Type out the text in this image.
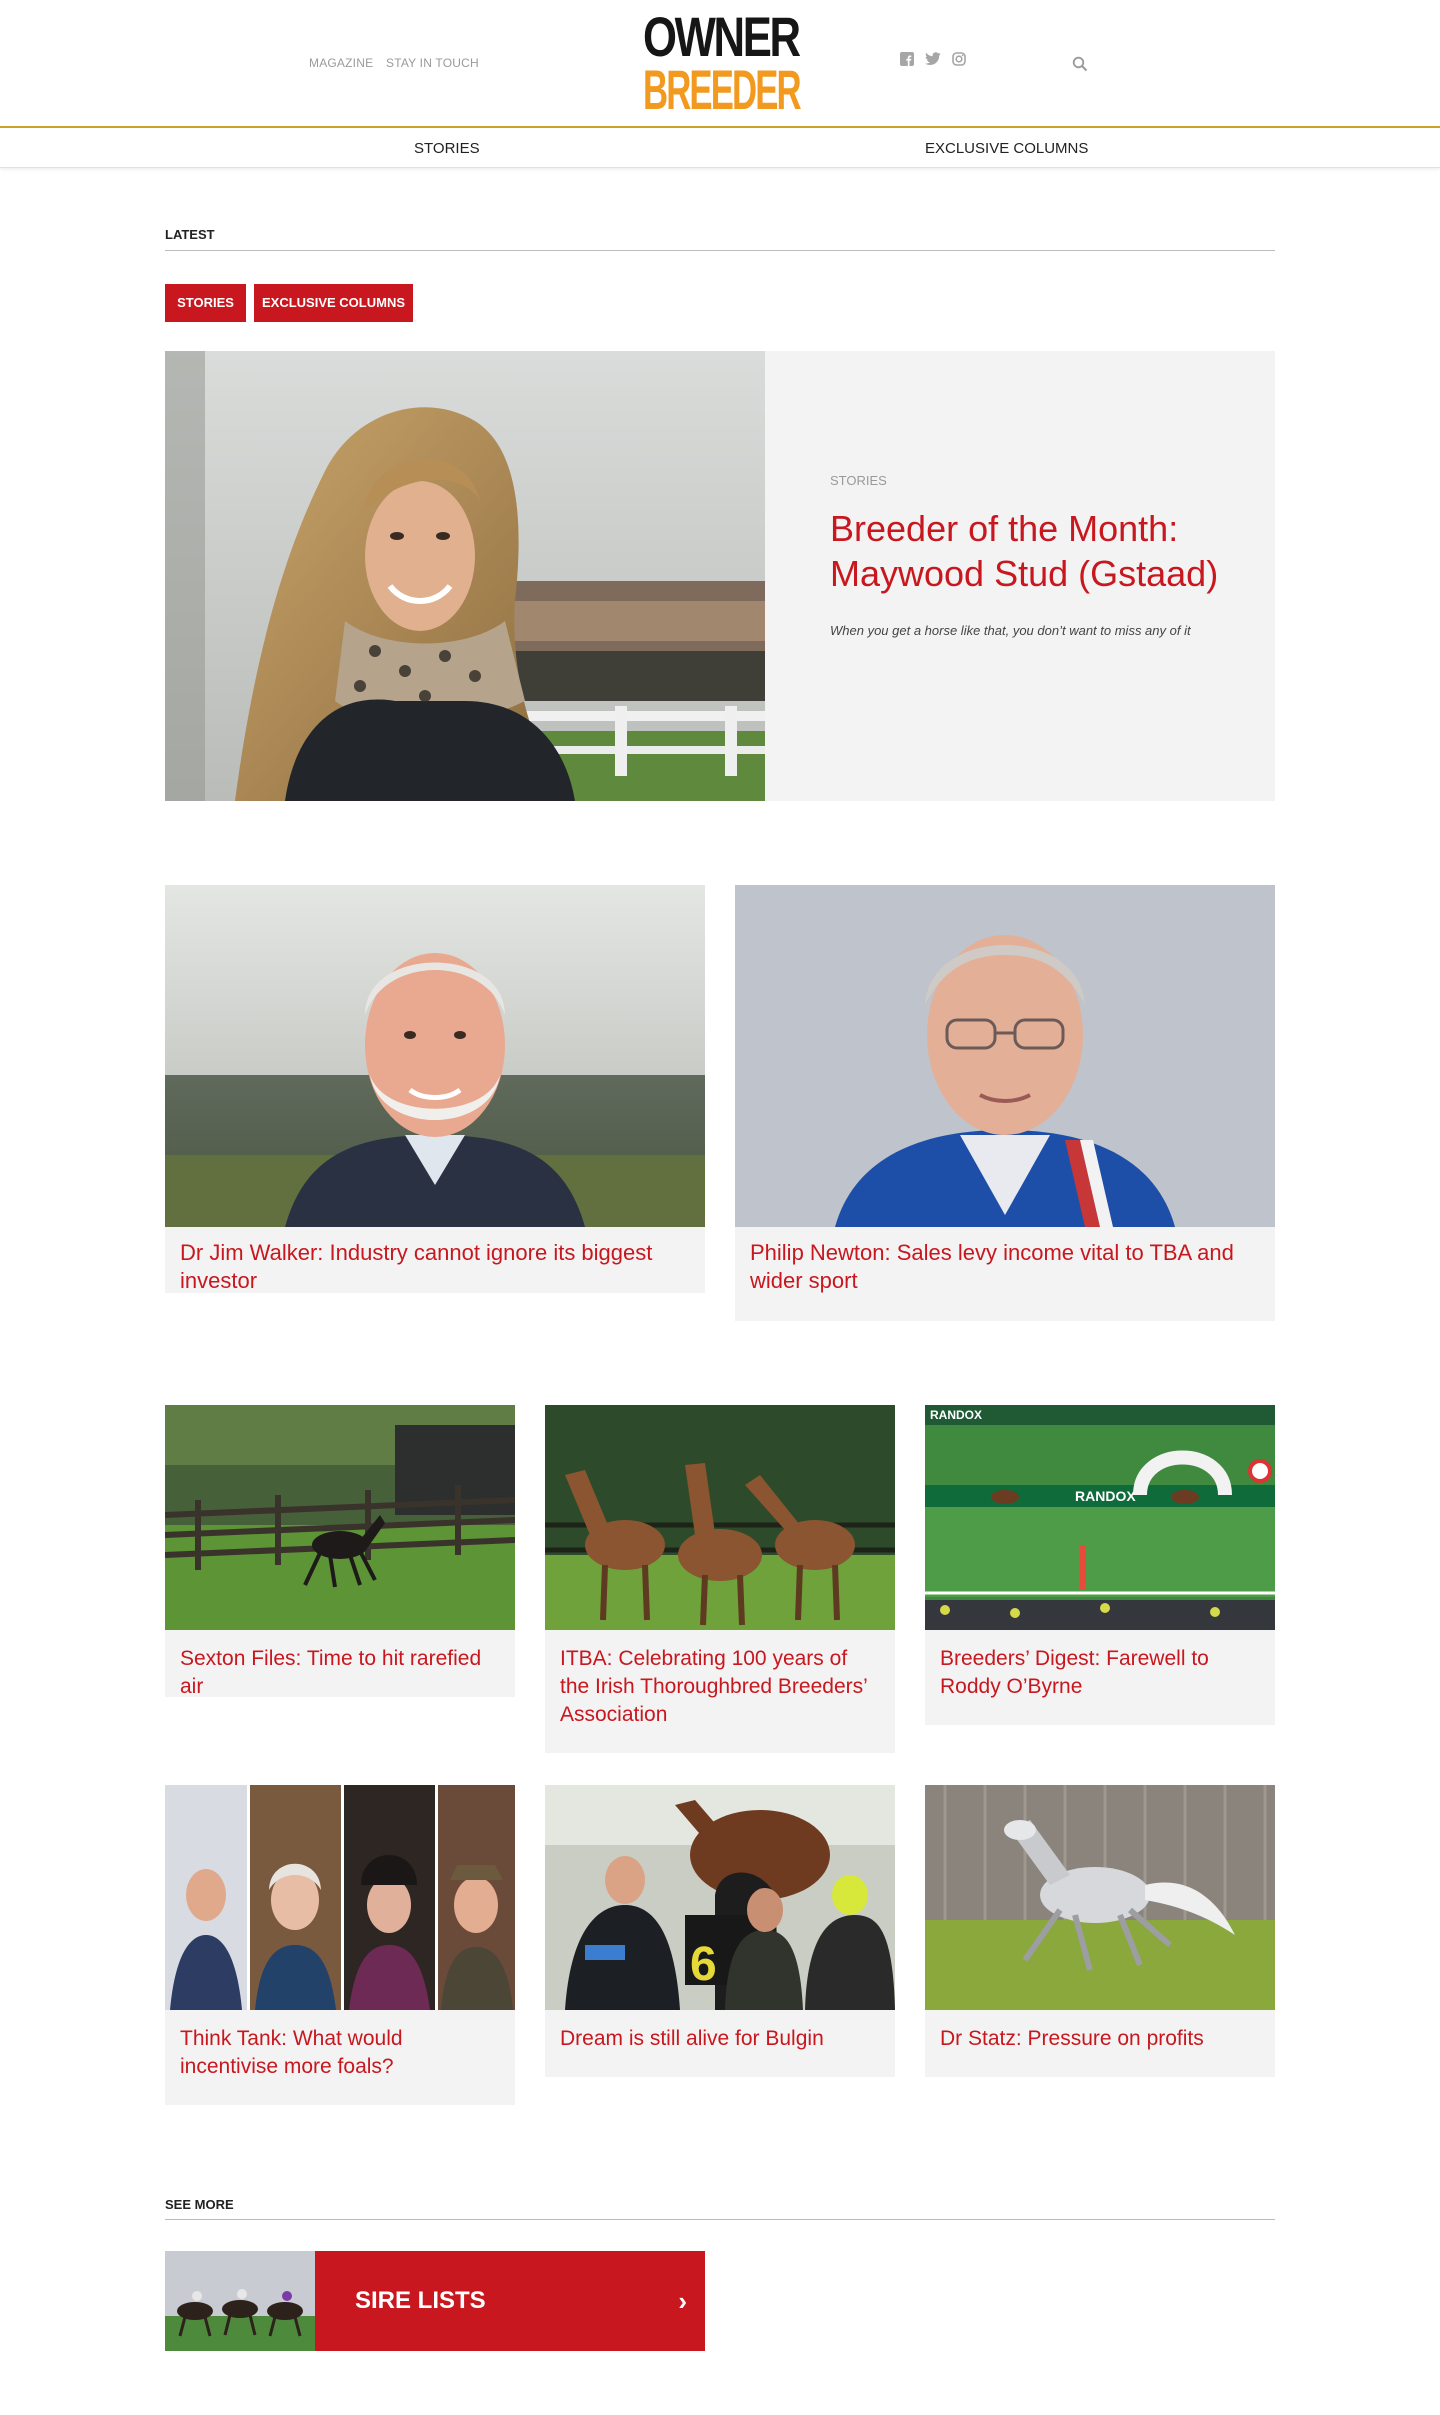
MAGAZINE STAY IN TOUCH	OWNER
BREEDER
STORIES	EXCLUSIVE COLUMNS
LATEST
STORIES	EXCLUSIVE COLUMNS
STORIES
Breeder of the Month: Maywood Stud (Gstaad)
When you get a horse like that, you don’t want to miss any of it
Dr Jim Walker: Industry cannot ignore its biggest investor
Philip Newton: Sales levy income vital to TBA and wider sport
Sexton Files: Time to hit rarefied air
ITBA: Celebrating 100 years of the Irish Thoroughbred Breeders’ Association
RANDOX
RANDOX
Breeders’ Digest: Farewell to Roddy O’Byrne
Think Tank: What would incentivise more foals?
6
Dream is still alive for Bulgin	Dr Statz: Pressure on profits
SEE MORE
SIRE LISTS	›
